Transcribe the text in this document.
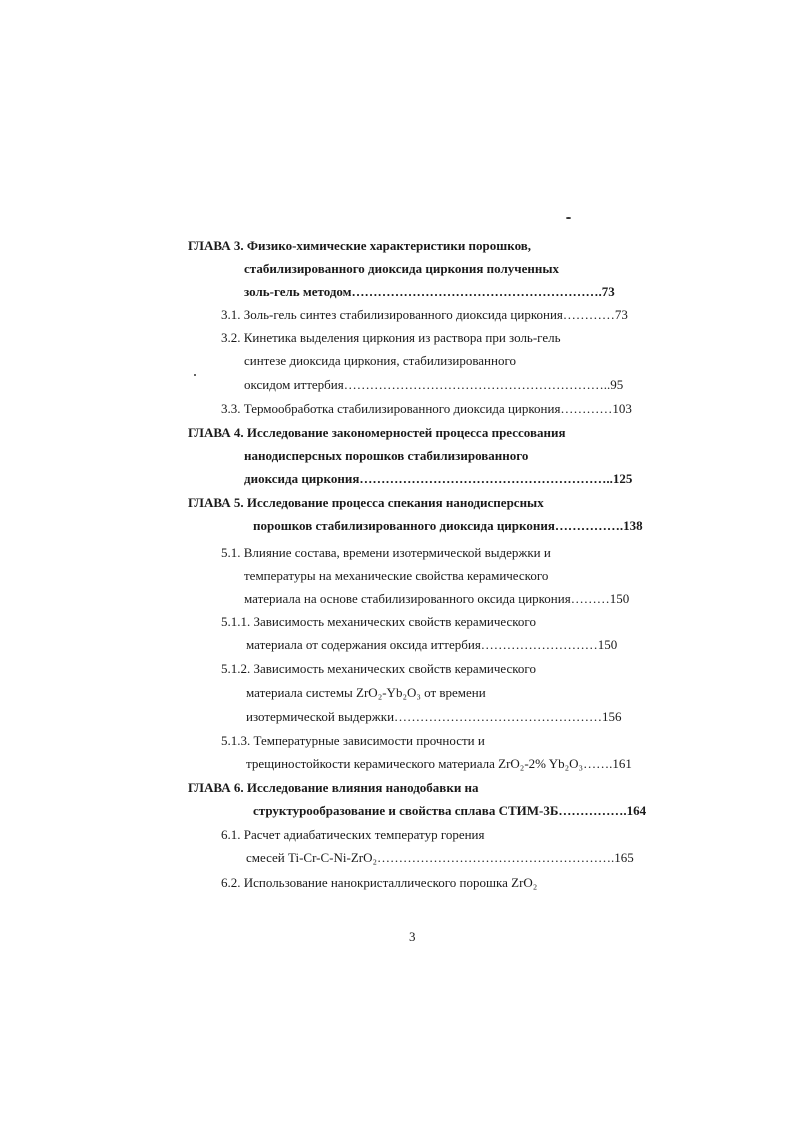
ГЛАВА 3. Физико-химические характеристики порошков,
стабилизированного диоксида циркония полученных
золь-гель методом………………………………………………….73
3.1. Золь-гель синтез стабилизированного диоксида циркония…………73
3.2. Кинетика выделения циркония из раствора при золь-гель
синтезе диоксида циркония, стабилизированного
оксидом иттербия……………………………………………………..95
3.3. Термообработка стабилизированного диоксида циркония…………103
ГЛАВА 4. Исследование закономерностей процесса прессования
нанодисперсных порошков стабилизированного
диоксида циркония…………………………………………………..125
ГЛАВА 5. Исследование процесса спекания нанодисперсных
порошков стабилизированного диоксида циркония…………….138
5.1. Влияние состава, времени изотермической выдержки и
температуры на механические свойства керамического
материала на основе стабилизированного оксида циркония………150
5.1.1. Зависимость механических свойств керамического
материала от содержания оксида иттербия………………………150
5.1.2. Зависимость механических свойств керамического
материала системы ZrO₂-Yb₂O₃ от времени
изотермической выдержки…………………………………………156
5.1.3. Температурные зависимости прочности и
трещиностойкости керамического материала ZrO₂-2% Yb₂O₃…….161
ГЛАВА 6. Исследование влияния нанодобавки на
структурообразование и свойства сплава СТИМ-3Б…………….164
6.1. Расчет адиабатических температур горения
смесей Ti-Cr-C-Ni-ZrO₂……………………………………………….165
6.2. Использование нанокристаллического порошка ZrO₂
3
